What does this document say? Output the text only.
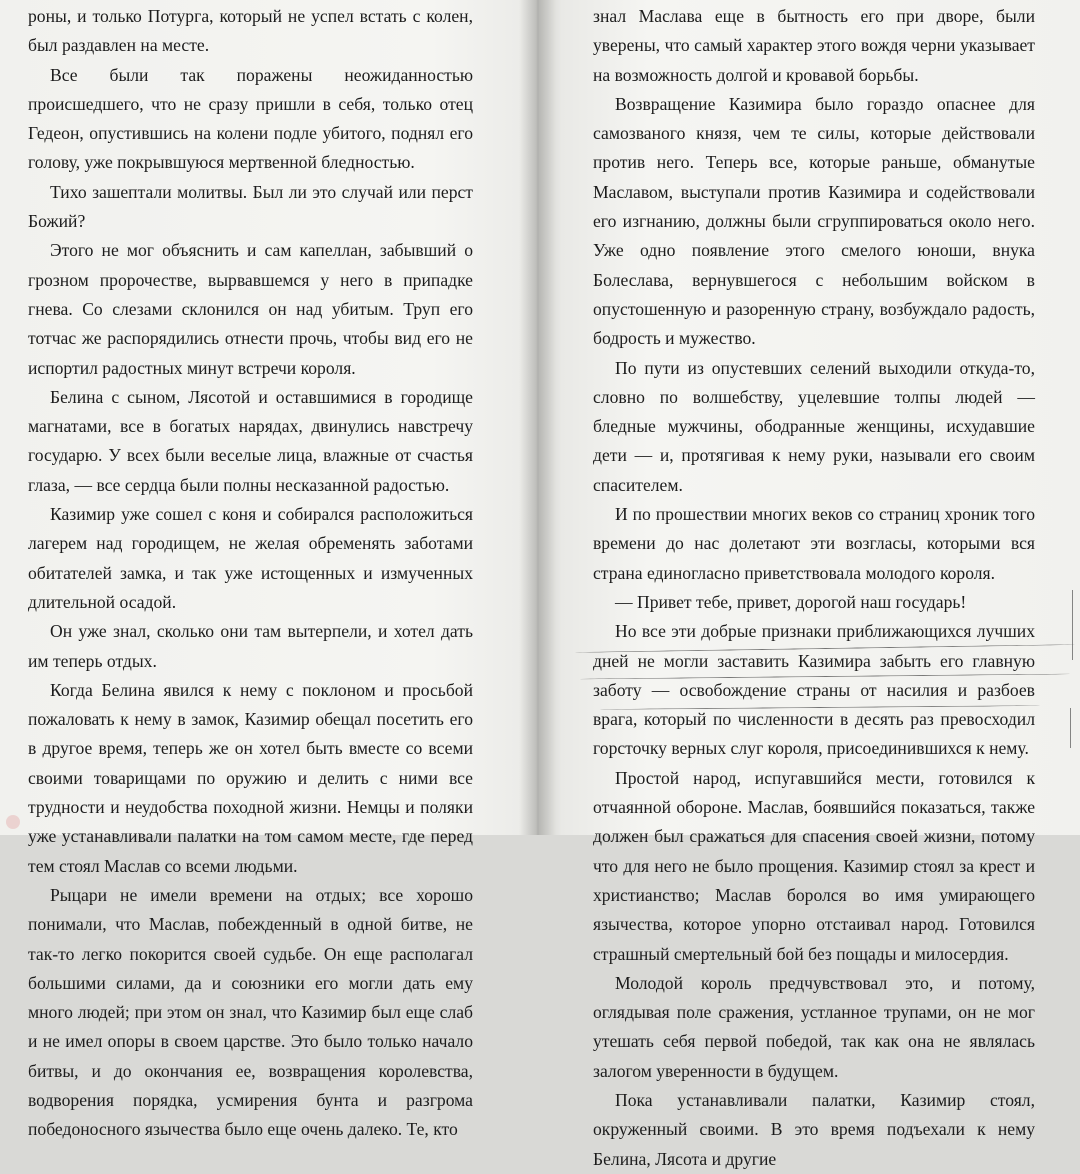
роны, и только Потурга, который не успел встать с колен, был раздавлен на месте.

Все были так поражены неожиданностью происшедшего, что не сразу пришли в себя, только отец Гедеон, опустившись на колени подле убитого, поднял его голову, уже покрывшуюся мертвенной бледностью.

Тихо зашептали молитвы. Был ли это случай или перст Божий?

Этого не мог объяснить и сам капеллан, забывший о грозном пророчестве, вырвавшемся у него в припадке гнева. Со слезами склонился он над убитым. Труп его тотчас же распорядились отнести прочь, чтобы вид его не испортил радостных минут встречи короля.

Белина с сыном, Лясотой и оставшимися в городище магнатами, все в богатых нарядах, двинулись навстречу государю. У всех были веселые лица, влажные от счастья глаза, — все сердца были полны несказанной радостью.

Казимир уже сошел с коня и собирался расположиться лагерем над городищем, не желая обременять заботами обитателей замка, и так уже истощенных и измученных длительной осадой.

Он уже знал, сколько они там вытерпели, и хотел дать им теперь отдых.

Когда Белина явился к нему с поклоном и просьбой пожаловать к нему в замок, Казимир обещал посетить его в другое время, теперь же он хотел быть вместе со всеми своими товарищами по оружию и делить с ними все трудности и неудобства походной жизни. Немцы и поляки уже устанавливали палатки на том самом месте, где перед тем стоял Маслав со всеми людьми.

Рыцари не имели времени на отдых; все хорошо понимали, что Маслав, побежденный в одной битве, не так-то легко покорится своей судьбе. Он еще располагал большими силами, да и союзники его могли дать ему много людей; при этом он знал, что Казимир был еще слаб и не имел опоры в своем царстве. Это было только начало битвы, и до окончания ее, возвращения королевства, водворения порядка, усмирения бунта и разгрома победоносного язычества было еще очень далеко. Те, кто

знал Маслава еще в бытность его при дворе, были уверены, что самый характер этого вождя черни указывает на возможность долгой и кровавой борьбы.

Возвращение Казимира было гораздо опаснее для самозваного князя, чем те силы, которые действовали против него. Теперь все, которые раньше, обманутые Маславом, выступали против Казимира и содействовали его изгнанию, должны были сгруппироваться около него. Уже одно появление этого смелого юноши, внука Болеслава, вернувшегося с небольшим войском в опустошенную и разоренную страну, возбуждало радость, бодрость и мужество.

По пути из опустевших селений выходили откуда-то, словно по волшебству, уцелевшие толпы людей — бледные мужчины, ободранные женщины, исхудавшие дети — и, протягивая к нему руки, называли его своим спасителем.

И по прошествии многих веков со страниц хроник того времени до нас долетают эти возгласы, которыми вся страна единогласно приветствовала молодого короля.

— Привет тебе, привет, дорогой наш государь!

Но все эти добрые признаки приближающихся лучших дней не могли заставить Казимира забыть его главную заботу — освобождение страны от насилия и разбоев врага, который по численности в десять раз превосходил горсточку верных слуг короля, присоединившихся к нему.

Простой народ, испугавшийся мести, готовился к отчаянной обороне. Маслав, боявшийся показаться, также должен был сражаться для спасения своей жизни, потому что для него не было прощения. Казимир стоял за крест и христианство; Маслав боролся во имя умирающего язычества, которое упорно отстаивал народ. Готовился страшный смертельный бой без пощады и милосердия.

Молодой король предчувствовал это, и потому, оглядывая поле сражения, устланное трупами, он не мог утешать себя первой победой, так как она не являлась залогом уверенности в будущем.

Пока устанавливали палатки, Казимир стоял, окруженный своими. В это время подъехали к нему Белина, Лясота и другие
